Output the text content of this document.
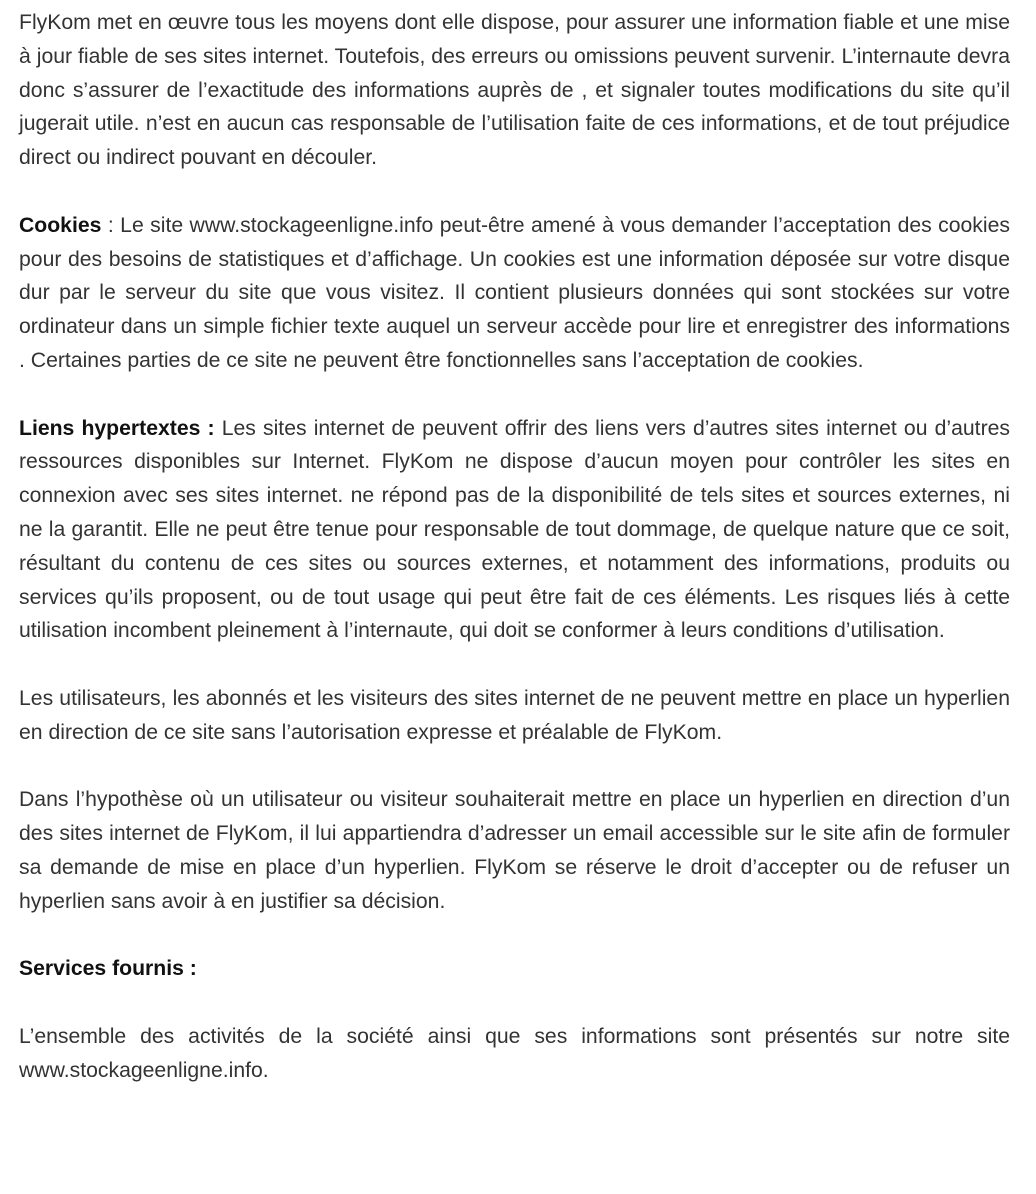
FlyKom met en œuvre tous les moyens dont elle dispose, pour assurer une information fiable et une mise à jour fiable de ses sites internet. Toutefois, des erreurs ou omissions peuvent survenir. L’internaute devra donc s’assurer de l’exactitude des informations auprès de , et signaler toutes modifications du site qu’il jugerait utile. n’est en aucun cas responsable de l’utilisation faite de ces informations, et de tout préjudice direct ou indirect pouvant en découler.

Cookies : Le site www.stockageenligne.info peut-être amené à vous demander l’acceptation des cookies pour des besoins de statistiques et d’affichage. Un cookies est une information déposée sur votre disque dur par le serveur du site que vous visitez. Il contient plusieurs données qui sont stockées sur votre ordinateur dans un simple fichier texte auquel un serveur accède pour lire et enregistrer des informations . Certaines parties de ce site ne peuvent être fonctionnelles sans l’acceptation de cookies.

Liens hypertextes : Les sites internet de peuvent offrir des liens vers d’autres sites internet ou d’autres ressources disponibles sur Internet. FlyKom ne dispose d’aucun moyen pour contrôler les sites en connexion avec ses sites internet. ne répond pas de la disponibilité de tels sites et sources externes, ni ne la garantit. Elle ne peut être tenue pour responsable de tout dommage, de quelque nature que ce soit, résultant du contenu de ces sites ou sources externes, et notamment des informations, produits ou services qu’ils proposent, ou de tout usage qui peut être fait de ces éléments. Les risques liés à cette utilisation incombent pleinement à l’internaute, qui doit se conformer à leurs conditions d’utilisation.

Les utilisateurs, les abonnés et les visiteurs des sites internet de ne peuvent mettre en place un hyperlien en direction de ce site sans l’autorisation expresse et préalable de FlyKom.

Dans l’hypothèse où un utilisateur ou visiteur souhaiterait mettre en place un hyperlien en direction d’un des sites internet de FlyKom, il lui appartiendra d’adresser un email accessible sur le site afin de formuler sa demande de mise en place d’un hyperlien. FlyKom se réserve le droit d’accepter ou de refuser un hyperlien sans avoir à en justifier sa décision.

Services fournis :

L’ensemble des activités de la société ainsi que ses informations sont présentés sur notre site www.stockageenligne.info.
